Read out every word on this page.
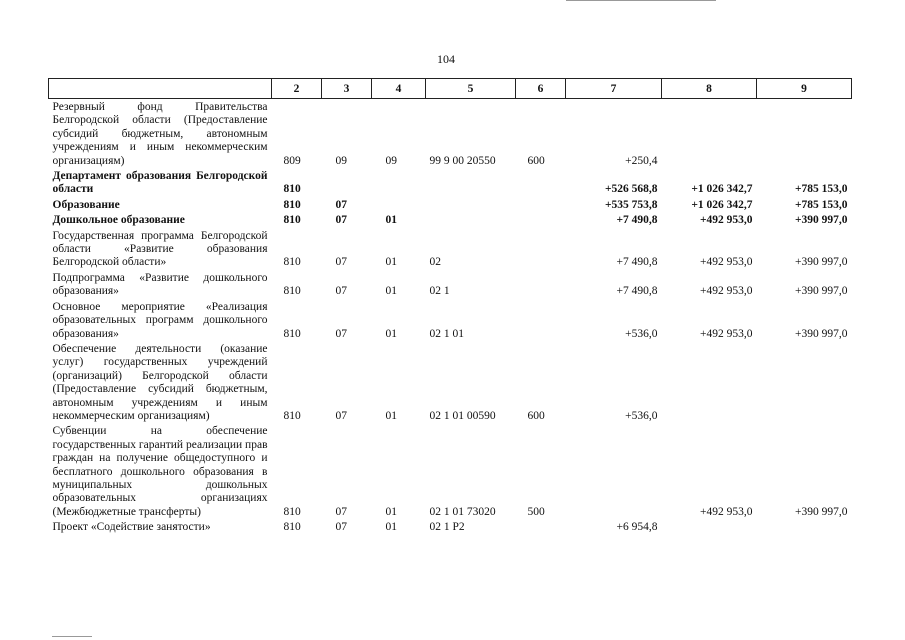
104
	2	3	4	5	6	7	8	9
Резервный фонд Правительства Белгородской области (Предоставление субсидий бюджетным, автономным учреждениям и иным некоммерческим организациям)	809	09	09	99 9 00 20550	600	+250,4		
Департамент образования Белгородской области	810					+526 568,8	+1 026 342,7	+785 153,0
Образование	810	07				+535 753,8	+1 026 342,7	+785 153,0
Дошкольное образование	810	07	01			+7 490,8	+492 953,0	+390 997,0
Государственная программа Белгородской области «Развитие образования Белгородской области»	810	07	01	02		+7 490,8	+492 953,0	+390 997,0
Подпрограмма «Развитие дошкольного образования»	810	07	01	02 1		+7 490,8	+492 953,0	+390 997,0
Основное мероприятие «Реализация образовательных программ дошкольного образования»	810	07	01	02 1 01		+536,0	+492 953,0	+390 997,0
Обеспечение деятельности (оказание услуг) государственных учреждений (организаций) Белгородской области (Предоставление субсидий бюджетным, автономным учреждениям и иным некоммерческим организациям)	810	07	01	02 1 01 00590	600	+536,0		
Субвенции на обеспечение государственных гарантий реализации прав граждан на получение общедоступного и бесплатного дошкольного образования в муниципальных дошкольных образовательных организациях (Межбюджетные трансферты)	810	07	01	02 1 01 73020	500		+492 953,0	+390 997,0
Проект «Содействие занятости»	810	07	01	02 1 Р2		+6 954,8		
